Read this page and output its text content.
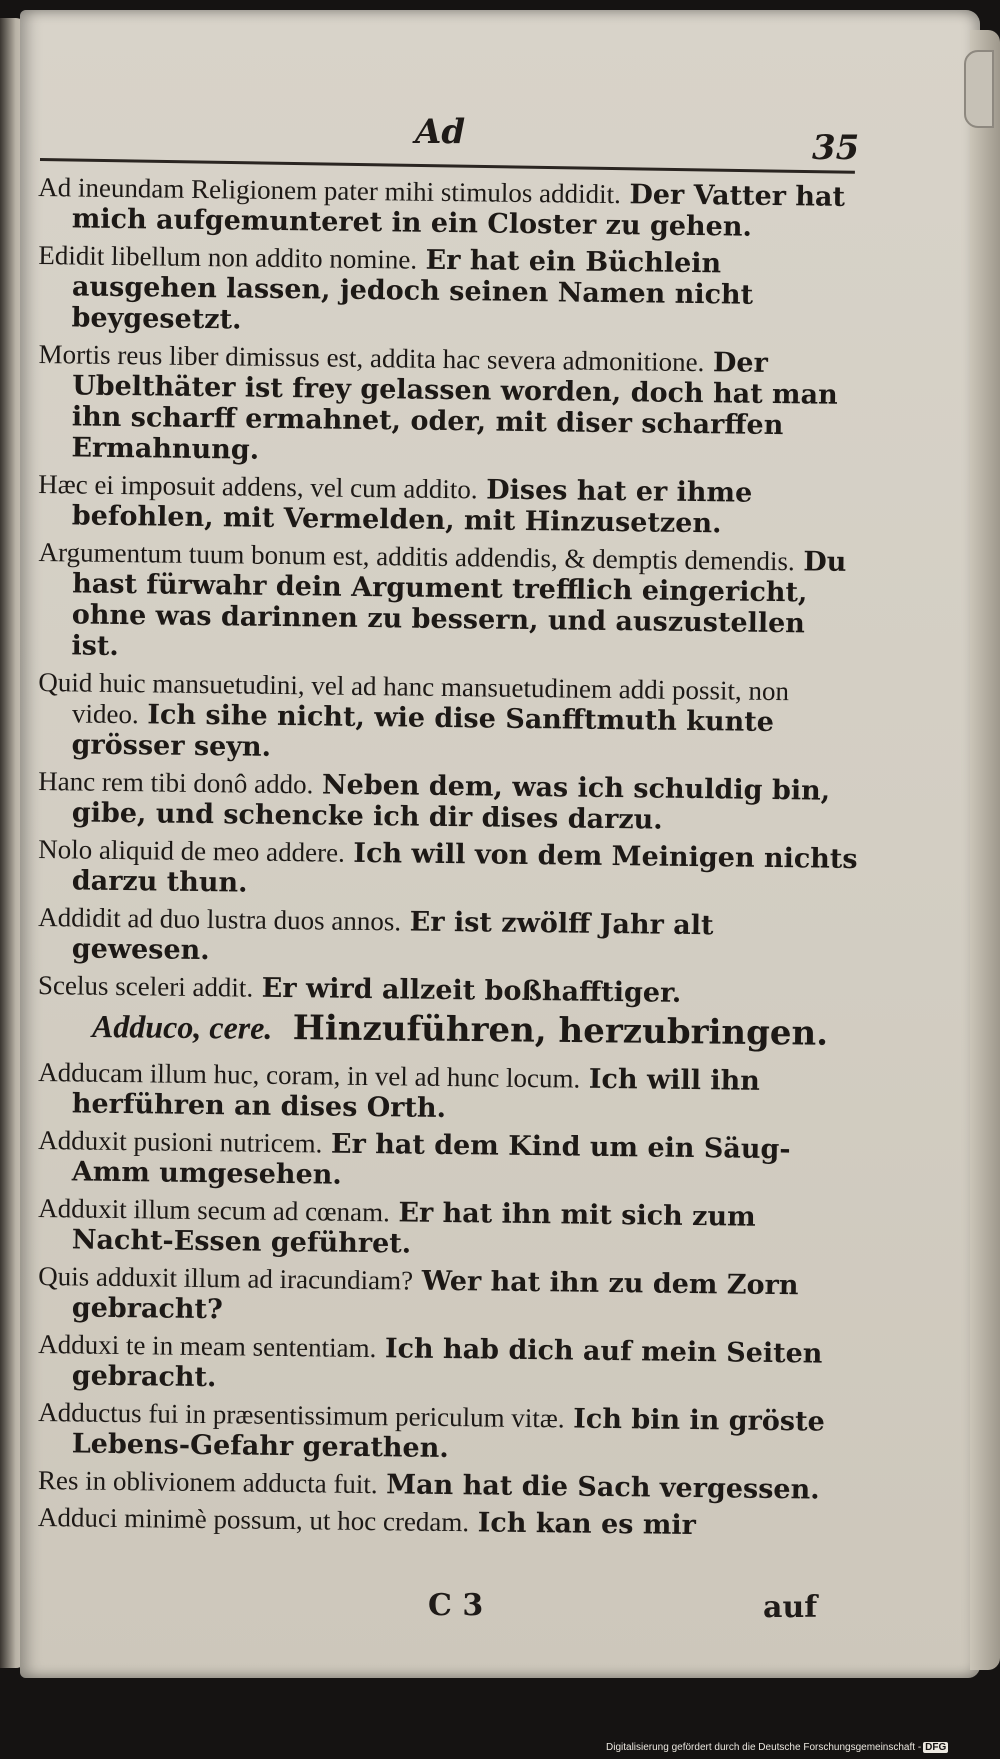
Ad	35
Ad ineundam Religionem pater mihi stimulos addidit. Der Vatter hat mich aufgemunteret in ein Closter zu gehen.
Edidit libellum non addito nomine. Er hat ein Büchlein ausgehen lassen, jedoch seinen Namen nicht beygesetzt.
Mortis reus liber dimissus est, addita hac severa admonitione. Der Ubelthäter ist frey gelassen worden, doch hat man ihn scharff ermahnet, oder, mit diser scharffen Ermahnung.
Hæc ei imposuit addens, vel cum addito. Dises hat er ihme befohlen, mit Vermelden, mit Hinzusetzen.
Argumentum tuum bonum est, additis addendis, & demptis demendis. Du hast fürwahr dein Argument trefflich eingericht, ohne was darinnen zu bessern, und auszustellen ist.
Quid huic mansuetudini, vel ad hanc mansuetudinem addi possit, non video. Ich sihe nicht, wie dise Sanfftmuth kunte grösser seyn.
Hanc rem tibi donô addo. Neben dem, was ich schuldig bin, gibe, und schencke ich dir dises darzu.
Nolo aliquid de meo addere. Ich will von dem Meinigen nichts darzu thun.
Addidit ad duo lustra duos annos. Er ist zwölff Jahr alt gewesen.
Scelus sceleri addit. Er wird allzeit boßhafftiger.
Adduco, cere. Hinzuführen, herzubringen.
Adducam illum huc, coram, in vel ad hunc locum. Ich will ihn herführen an dises Orth.
Adduxit pusioni nutricem. Er hat dem Kind um ein Säug-Amm umgesehen.
Adduxit illum secum ad cœnam. Er hat ihn mit sich zum Nacht-Essen geführet.
Quis adduxit illum ad iracundiam? Wer hat ihn zu dem Zorn gebracht?
Adduxi te in meam sententiam. Ich hab dich auf mein Seiten gebracht.
Adductus fui in præsentissimum periculum vitæ. Ich bin in gröste Lebens-Gefahr gerathen.
Res in oblivionem adducta fuit. Man hat die Sach vergessen.
Adduci minimè possum, ut hoc credam. Ich kan es mir
C 3	auf
Digitalisierung gefördert durch die Deutsche Forschungsgemeinschaft - DFG
